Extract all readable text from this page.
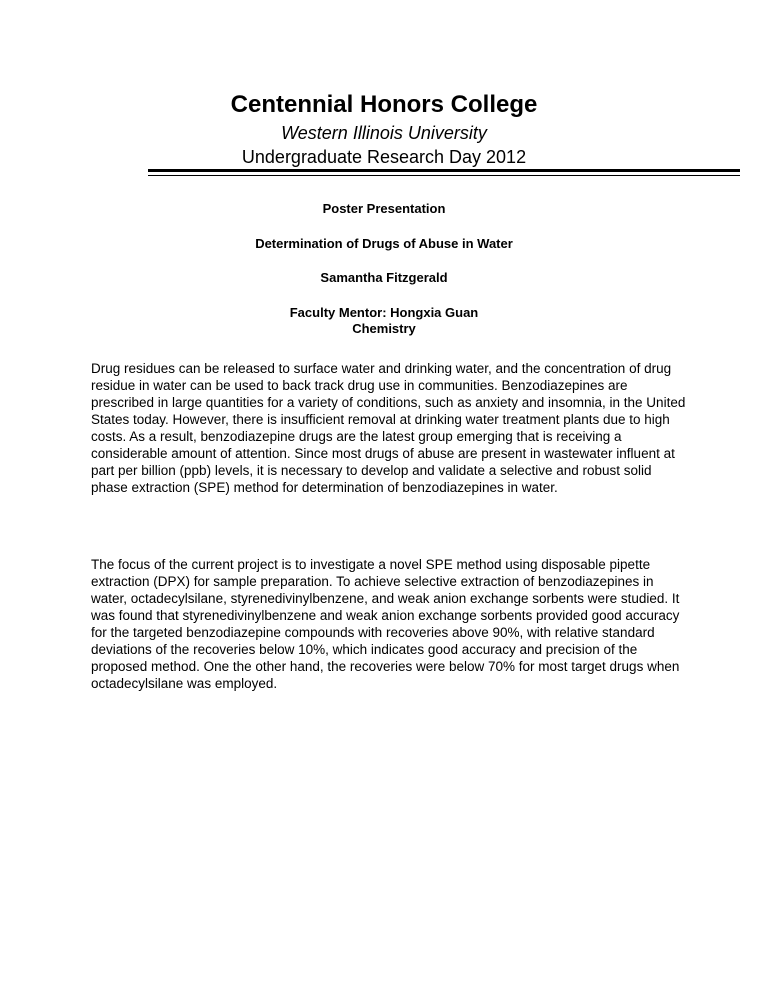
Centennial Honors College
Western Illinois University
Undergraduate Research Day 2012
Poster Presentation
Determination of Drugs of Abuse in Water
Samantha Fitzgerald
Faculty Mentor: Hongxia Guan
Chemistry

Drug residues can be released to surface water and drinking water, and the concentration of drug residue in water can be used to back track drug use in communities. Benzodiazepines are prescribed in large quantities for a variety of conditions, such as anxiety and insomnia, in the United States today. However, there is insufficient removal at drinking water treatment plants due to high costs. As a result, benzodiazepine drugs are the latest group emerging that is receiving a considerable amount of attention. Since most drugs of abuse are present in wastewater influent at part per billion (ppb) levels, it is necessary to develop and validate a selective and robust solid phase extraction (SPE) method for determination of benzodiazepines in water.

The focus of the current project is to investigate a novel SPE method using disposable pipette extraction (DPX) for sample preparation. To achieve selective extraction of benzodiazepines in water, octadecylsilane, styrenedivinylbenzene, and weak anion exchange sorbents were studied. It was found that styrenedivinylbenzene and weak anion exchange sorbents provided good accuracy for the targeted benzodiazepine compounds with recoveries above 90%, with relative standard deviations of the recoveries below 10%, which indicates good accuracy and precision of the proposed method. One the other hand, the recoveries were below 70% for most target drugs when octadecylsilane was employed.
